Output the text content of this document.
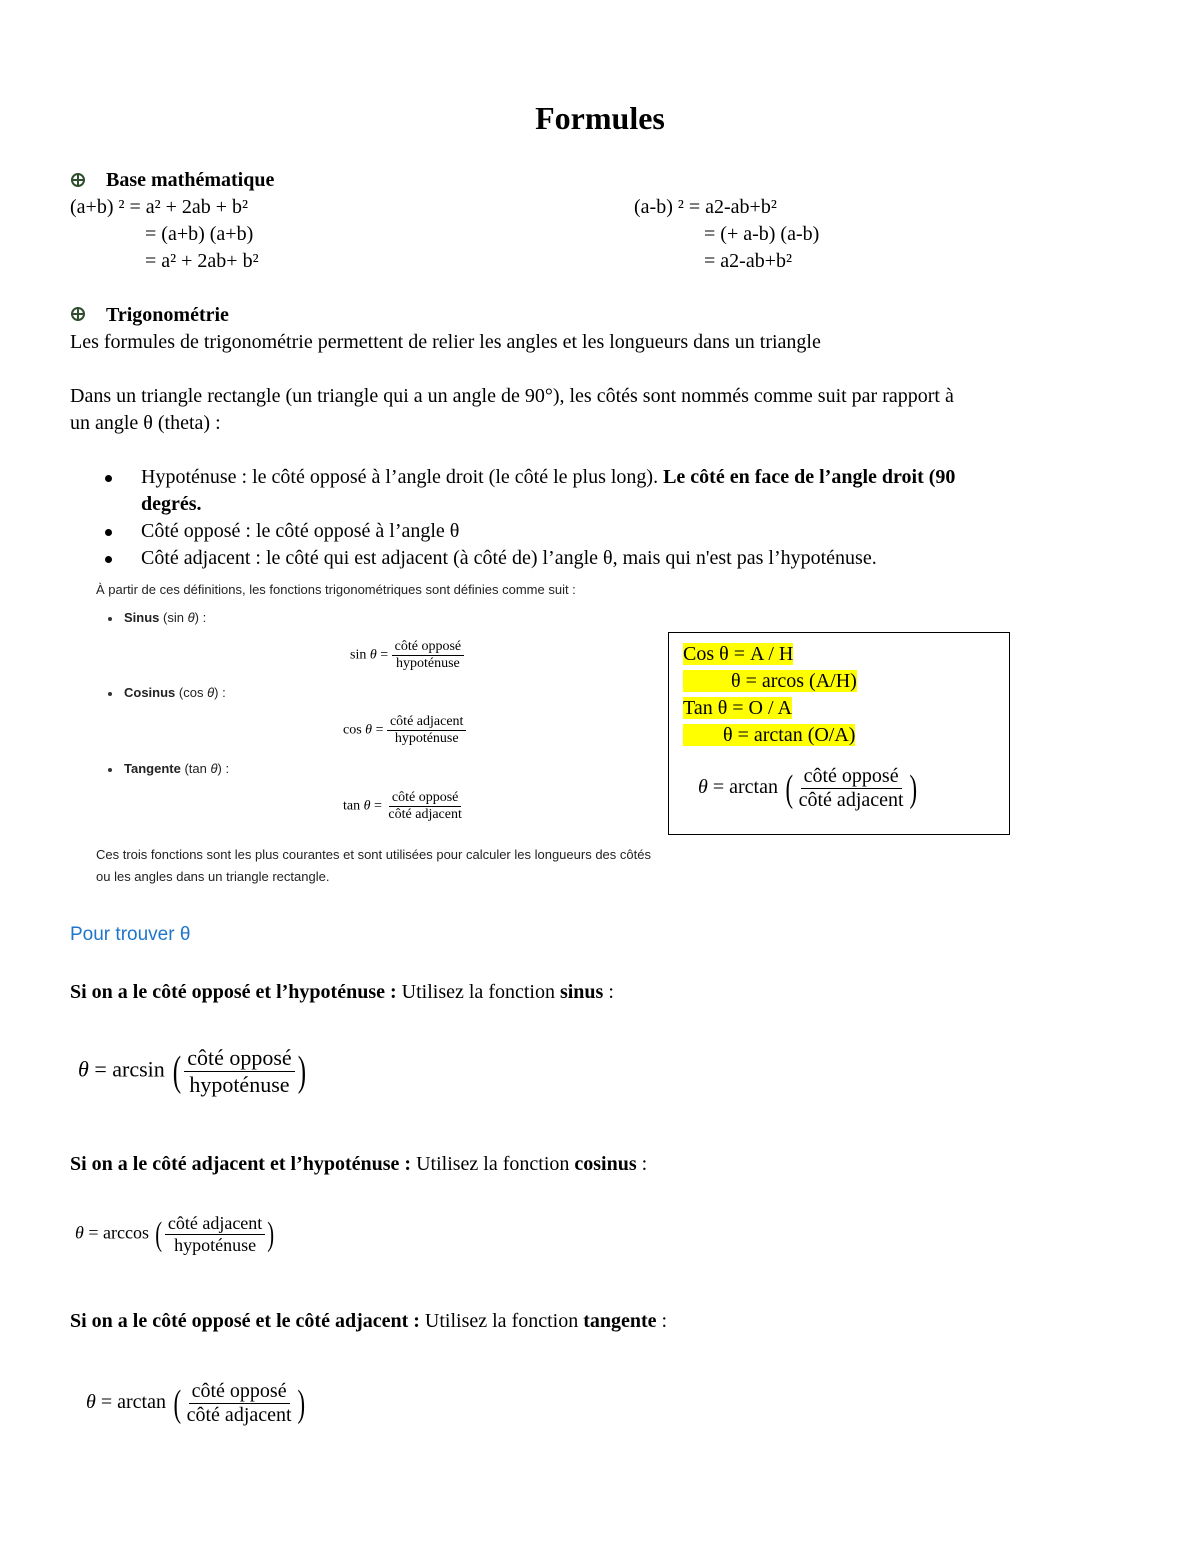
Formules
Base mathématique
(a+b) ² = a² + 2ab + b²
= (a+b) (a+b)
= a² + 2ab+ b²
(a-b) ² = a2-ab+b²
= (+ a-b) (a-b)
= a2-ab+b²
Trigonométrie
Les formules de trigonométrie permettent de relier les angles et les longueurs dans un triangle
Dans un triangle rectangle (un triangle qui a un angle de 90°), les côtés sont nommés comme suit par rapport à
un angle θ (theta) :
Hypoténuse : le côté opposé à l’angle droit (le côté le plus long). Le côté en face de l’angle droit (90
degrés.
Côté opposé : le côté opposé à l’angle θ
Côté adjacent : le côté qui est adjacent (à côté de) l’angle θ, mais qui n'est pas l’hypoténuse.
À partir de ces définitions, les fonctions trigonométriques sont définies comme suit :
Sinus (sin θ) :
$\sin \theta = \frac{\text{côté opposé}}{\text{hypoténuse}}$
Cosinus (cos θ) :
$\cos \theta = \frac{\text{côté adjacent}}{\text{hypoténuse}}$
Tangente (tan θ) :
$\tan \theta = \frac{\text{côté opposé}}{\text{côté adjacent}}$
Ces trois fonctions sont les plus courantes et sont utilisées pour calculer les longueurs des côtés
ou les angles dans un triangle rectangle.
Cos θ = A / H
θ = arcos (A/H)
Tan θ = O / A
θ = arctan (O/A)
θ = arctan ( $\frac{\text{côté opposé}}{\text{côté adjacent}}$ )
Pour trouver θ
Si on a le côté opposé et l’hypoténuse : Utilisez la fonction sinus :
θ = arcsin ( $\frac{\text{côté opposé}}{\text{hypoténuse}}$ )
Si on a le côté adjacent et l’hypoténuse : Utilisez la fonction cosinus :
θ = arccos ( $\frac{\text{côté adjacent}}{\text{hypoténuse}}$ )
Si on a le côté opposé et le côté adjacent : Utilisez la fonction tangente :
θ = arctan ( $\frac{\text{côté opposé}}{\text{côté adjacent}}$ )
